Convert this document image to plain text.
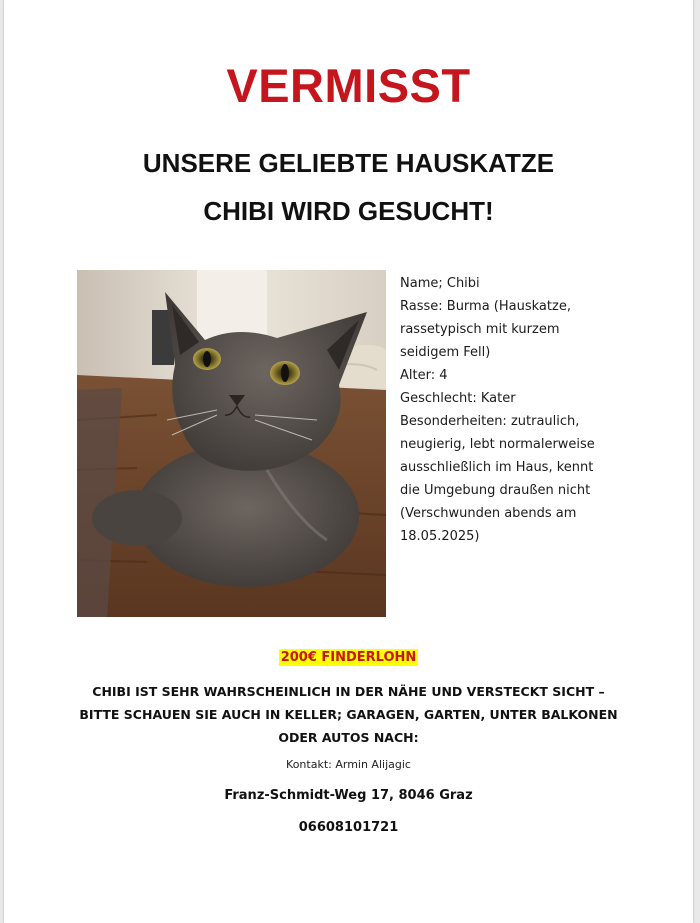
VERMISST
UNSERE GELIEBTE HAUSKATZE
CHIBI WIRD GESUCHT!
Name; Chibi
Rasse: Burma (Hauskatze,
rassetypisch mit kurzem
seidigem Fell)
Alter: 4
Geschlecht: Kater
Besonderheiten: zutraulich,
neugierig, lebt normalerweise
ausschließlich im Haus, kennt
die Umgebung draußen nicht
(Verschwunden abends am
18.05.2025)
200€ FINDERLOHN
CHIBI IST SEHR WAHRSCHEINLICH IN DER NÄHE UND VERSTECKT SICHT –
BITTE SCHAUEN SIE AUCH IN KELLER; GARAGEN, GARTEN, UNTER BALKONEN
ODER AUTOS NACH:
Kontakt: Armin Alijagic
Franz-Schmidt-Weg 17, 8046 Graz
06608101721
